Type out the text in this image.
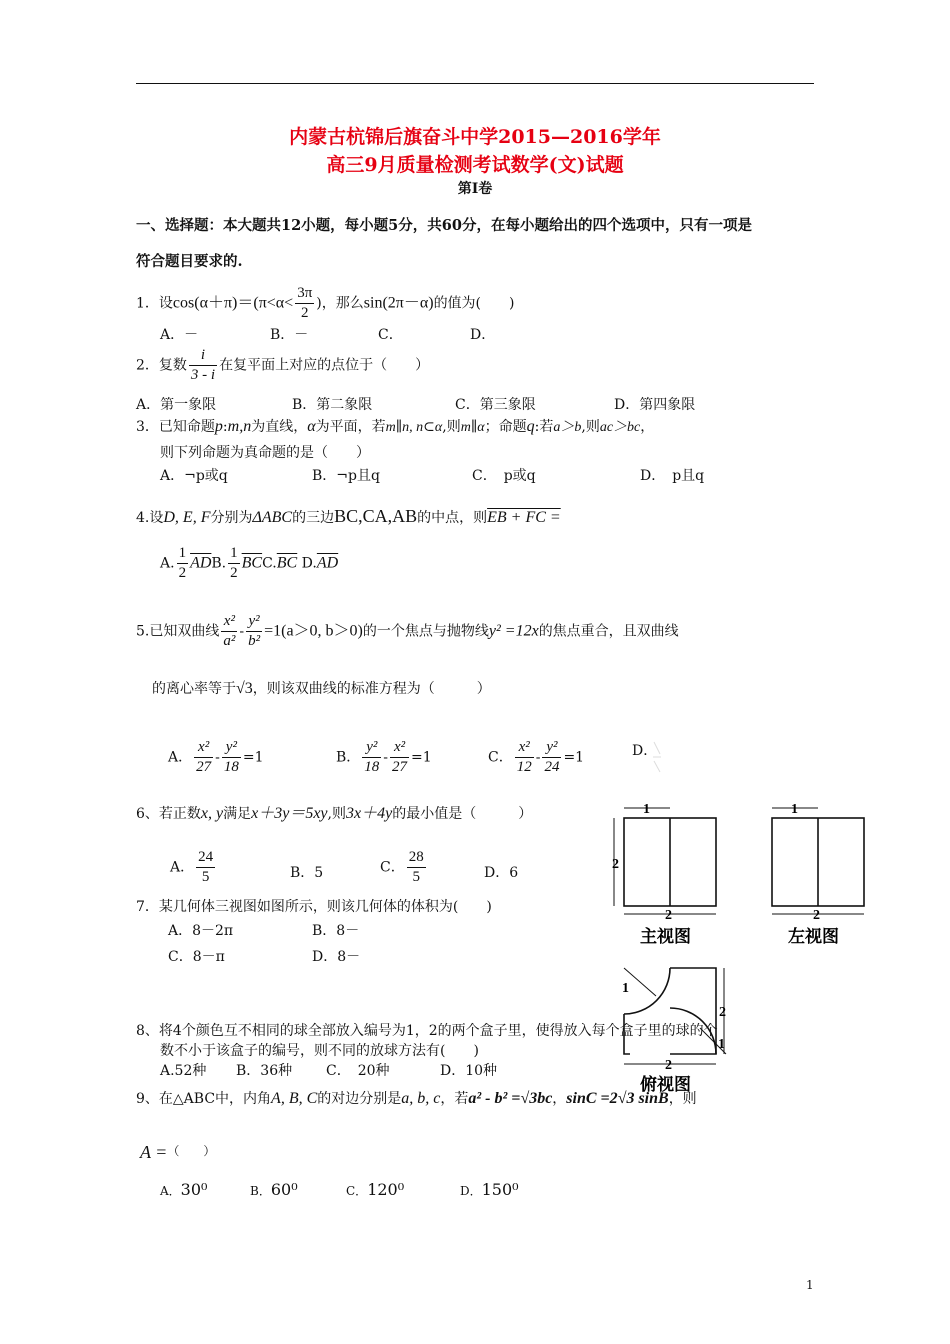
内蒙古杭锦后旗奋斗中学2015—2016学年
高三9月质量检测考试数学(文)试题
第Ⅰ卷
一、选择题：本大题共12小题，每小题5分，共60分，在每小题给出的四个选项中，只有一项是
符合题目要求的.
1．设$\cos(\alpha+\pi)=(\pi<\alpha< \frac{3\pi}{2}$ )，那么sin(2π－α)的值为(　　)
A．－	B．－	C．	D．
2．复数 $\frac{i}{3 - i}$ 在复平面上对应的点位于（　　）
A．第一象限	B．第二象限	C．第三象限	D．第四象限
3．已知命题p:m,n为直线，α为平面，若m∥n, n⊂α,则m∥α；命题q:若a＞b,则ac＞bc，
则下列命题为真命题的是（　　）
A．¬p或q	B．¬p且q	C．　p或q	D．　p且q
4.设D, E, F分别为ΔABC的三边BC,CA,AB的中点，则EB + FC =
A. $\frac{1}{2} \overline{AD}B$. $\frac{1}{2} \overline{BC}C.\overline{BC}$ $D.\overline{AD}$
5.已知双曲线 $\frac{\text{x²}}{\text{a²}} - \frac{\text{y²}}{\text{b²}} =1(a>0$, b＞0)的一个焦点与抛物线y² =12x的焦点重合，且双曲线
的离心率等于√3，则该双曲线的标准方程为（　　　）
A． $\frac{\text{x²}}{27} - \frac{\text{y²}}{18} =1$	B． $\frac{\text{y²}}{18} - \frac{\text{x²}}{27} =1$	C． $\frac{\text{x²}}{12} - \frac{\text{y²}}{24} =1$	D．
6、若正数x, y满足x＋3y＝5xy,则3x＋4y的最小值是（　　　）
A． $\frac{24}{5}$	B．5	C． $\frac{28}{5}$	D．6
7．某几何体三视图如图所示，则该几何体的体积为(　　)
A．8－2π	B．8－
C．8－π	D．8－
1
2
2
主视图
1
2
左视图
1
2
1
2
俯视图
8、将4个颜色互不相同的球全部放入编号为1，2的两个盒子里，使得放入每个盒子里的球的个
数不小于该盒子的编号，则不同的放球方法有(　　)
A.52种 B．36种 C．　20种	D．10种
9、在△ABC中，内角A, B, C的对边分别是a, b, c，若a² - b² =√3bc，sinC =2√3 sinB，则
A =（　　）
A．30⁰	B．60⁰	C．120⁰	D．150⁰
1
